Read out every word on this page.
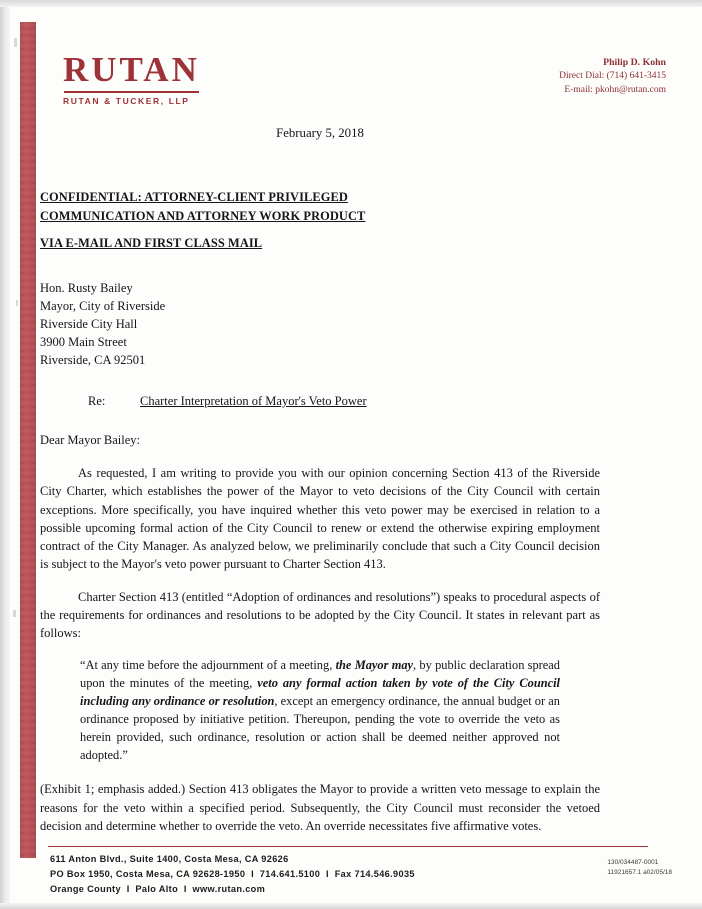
RUTAN
RUTAN & TUCKER, LLP
Philip D. Kohn
Direct Dial: (714) 641-3415
E-mail: pkohn@rutan.com
February 5, 2018
CONFIDENTIAL: ATTORNEY-CLIENT PRIVILEGED
COMMUNICATION AND ATTORNEY WORK PRODUCT
VIA E-MAIL AND FIRST CLASS MAIL
Hon. Rusty Bailey
Mayor, City of Riverside
Riverside City Hall
3900 Main Street
Riverside, CA 92501
Re:	Charter Interpretation of Mayor's Veto Power
Dear Mayor Bailey:

As requested, I am writing to provide you with our opinion concerning Section 413 of the Riverside City Charter, which establishes the power of the Mayor to veto decisions of the City Council with certain exceptions. More specifically, you have inquired whether this veto power may be exercised in relation to a possible upcoming formal action of the City Council to renew or extend the otherwise expiring employment contract of the City Manager. As analyzed below, we preliminarily conclude that such a City Council decision is subject to the Mayor's veto power pursuant to Charter Section 413.

Charter Section 413 (entitled “Adoption of ordinances and resolutions”) speaks to procedural aspects of the requirements for ordinances and resolutions to be adopted by the City Council. It states in relevant part as follows:

“At any time before the adjournment of a meeting, the Mayor may, by public declaration spread upon the minutes of the meeting, veto any formal action taken by vote of the City Council including any ordinance or resolution, except an emergency ordinance, the annual budget or an ordinance proposed by initiative petition. Thereupon, pending the vote to override the veto as herein provided, such ordinance, resolution or action shall be deemed neither approved not adopted.”

(Exhibit 1; emphasis added.) Section 413 obligates the Mayor to provide a written veto message to explain the reasons for the veto within a specified period. Subsequently, the City Council must reconsider the vetoed decision and determine whether to override the veto. An override necessitates five affirmative votes.

611 Anton Blvd., Suite 1400, Costa Mesa, CA 92626
PO Box 1950, Costa Mesa, CA 92628-1950  I  714.641.5100  I  Fax 714.546.9035
Orange County  I  Palo Alto  I  www.rutan.com
130/034487-0001
11921657.1 a02/05/18
